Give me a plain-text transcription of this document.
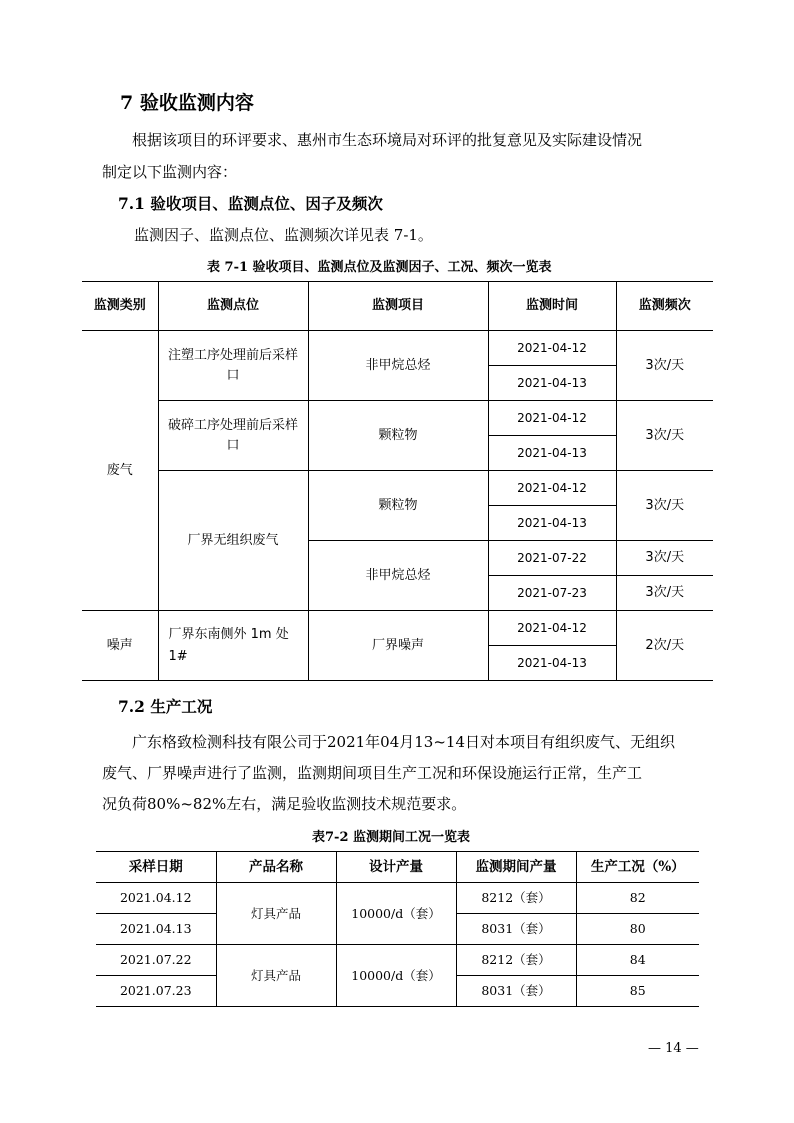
7 验收监测内容

根据该项目的环评要求、惠州市生态环境局对环评的批复意见及实际建设情况

制定以下监测内容：

7.1 验收项目、监测点位、因子及频次

监测因子、监测点位、监测频次详见表 7-1。

表 7-1 验收项目、监测点位及监测因子、工况、频次一览表
监测类别	监测点位	监测项目	监测时间	监测频次
废气	注塑工序处理前后采样口	非甲烷总烃	2021-04-12	3次/天
			2021-04-13	
	破碎工序处理前后采样口	颗粒物	2021-04-12	3次/天
			2021-04-13	
	厂界无组织废气	颗粒物	2021-04-12	3次/天
			2021-04-13	
		非甲烷总烃	2021-07-22	3次/天
			2021-07-23	3次/天
噪声	厂界东南侧外 1m 处 1#	厂界噪声	2021-04-12	2次/天
			2021-04-13	
7.2 生产工况

广东格致检测科技有限公司于2021年04月13~14日对本项目有组织废气、无组织

废气、厂界噪声进行了监测，监测期间项目生产工况和环保设施运行正常，生产工

况负荷80%~82%左右，满足验收监测技术规范要求。

表7-2 监测期间工况一览表
采样日期	产品名称	设计产量	监测期间产量	生产工况（%）
2021.04.12	灯具产品	10000/d（套）	8212（套）	82
2021.04.13			8031（套）	80
2021.07.22	灯具产品	10000/d（套）	8212（套）	84
2021.07.23			8031（套）	85
— 14 —
